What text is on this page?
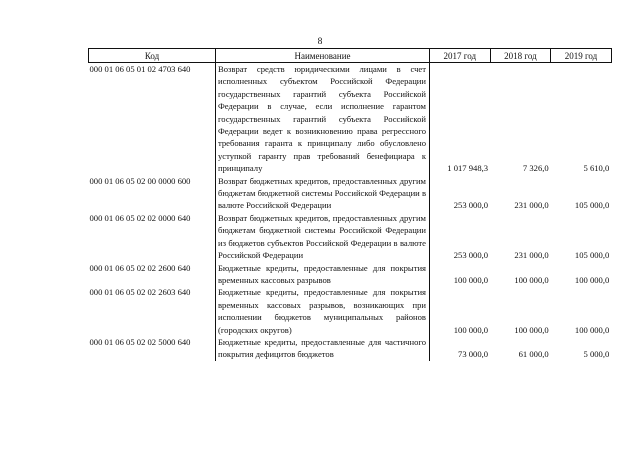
8
Код	Наименование	2017 год	2018 год	2019 год
000 01 06 05 01 02 4703 640	Возврат средств юридическими лицами в счет исполненных субъектом Российской Федерации государственных гарантий субъекта Российской Федерации в случае, если исполнение гарантом государственных гарантий субъекта Российской Федерации ведет к возникновению права регрессного требования гаранта к принципалу либо обусловлено уступкой гаранту прав требований бенефициара к принципалу	1 017 948,3	7 326,0	5 610,0
000 01 06 05 02 00 0000 600	Возврат бюджетных кредитов, предоставленных другим бюджетам бюджетной системы Российской Федерации в валюте Российской Федерации	253 000,0	231 000,0	105 000,0
000 01 06 05 02 02 0000 640	Возврат бюджетных кредитов, предоставленных другим бюджетам бюджетной системы Российской Федерации из бюджетов субъектов Российской Федерации в валюте Российской Федерации	253 000,0	231 000,0	105 000,0
000 01 06 05 02 02 2600 640	Бюджетные кредиты, предоставленные для покрытия временных кассовых разрывов	100 000,0	100 000,0	100 000,0
000 01 06 05 02 02 2603 640	Бюджетные кредиты, предоставленные для покрытия временных кассовых разрывов, возникающих при исполнении бюджетов муниципальных районов (городских округов)	100 000,0	100 000,0	100 000,0
000 01 06 05 02 02 5000 640	Бюджетные кредиты, предоставленные для частичного покрытия дефицитов бюджетов	73 000,0	61 000,0	5 000,0
